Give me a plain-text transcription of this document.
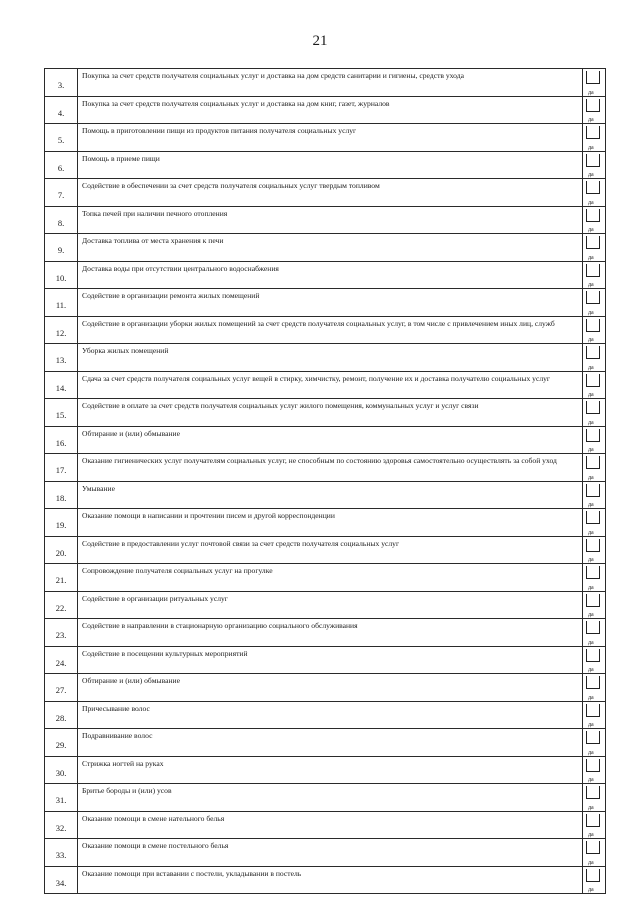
21
3.	Покупка за счет средств получателя социальных услуг и доставка на дом средств санитарии и гигиены, средств ухода	да

4.	Покупка за счет средств получателя социальных услуг и доставка на дом книг, газет, журналов	да

5.	Помощь в приготовлении пищи из продуктов питания получателя социальных услуг	да

6.	Помощь в приеме пищи	да

7.	Содействие в обеспечении за счет средств получателя социальных услуг твердым топливом	да

8.	Топка печей при наличии печного отопления	да

9.	Доставка топлива от места хранения к печи	да

10.	Доставка воды при отсутствии центрального водоснабжения	да

11.	Содействие в организации ремонта жилых помещений	да

12.	Содействие в организации уборки жилых помещений за счет средств получателя социальных услуг, в том числе с привлечением иных лиц, служб	да

13.	Уборка жилых помещений	да

14.	Сдача за счет средств получателя социальных услуг вещей в стирку, химчистку, ремонт, получение их и доставка получателю социальных услуг	да

15.	Содействие в оплате за счет средств получателя социальных услуг жилого помещения, коммунальных услуг и услуг связи	да

16.	Обтирание и (или) обмывание	да

17.	Оказание гигиенических услуг получателям социальных услуг, не способным по состоянию здоровья самостоятельно осуществлять за собой уход	да

18.	Умывание	да

19.	Оказание помощи в написании и прочтении писем и другой корреспонденции	да

20.	Содействие в предоставлении услуг почтовой связи за счет средств получателя социальных услуг	да

21.	Сопровождение получателя социальных услуг на прогулке	да

22.	Содействие в организации ритуальных услуг	да

23.	Содействие в направлении в стационарную организацию социального обслуживания	да

24.	Содействие в посещении культурных мероприятий	да

27.	Обтирание и (или) обмывание	да

28.	Причесывание волос	да

29.	Подравнивание волос	да

30.	Стрижка ногтей на руках	да

31.	Бритье бороды и (или) усов	да

32.	Оказание помощи в смене нательного белья	да

33.	Оказание помощи в смене постельного белья	да

34.	Оказание помощи при вставании с постели, укладывании в постель	да
